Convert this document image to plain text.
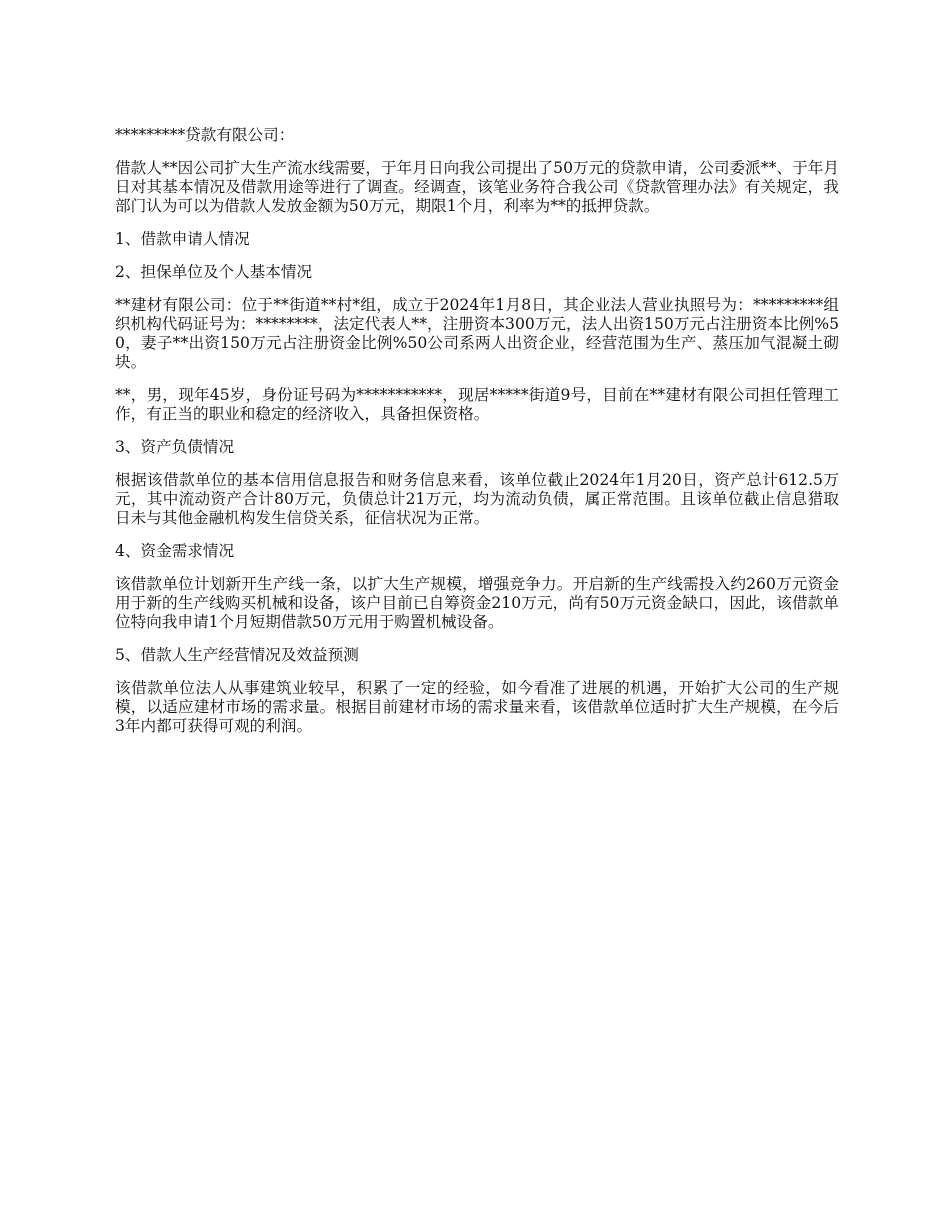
*********贷款有限公司：

借款人**因公司扩大生产流水线需要，于年月日向我公司提出了50万元的贷款申请，公司委派**、于年月日对其基本情况及借款用途等进行了调查。经调查，该笔业务符合我公司《贷款管理办法》有关规定，我部门认为可以为借款人发放金额为50万元，期限1个月，利率为**的抵押贷款。

1、借款申请人情况

2、担保单位及个人基本情况

**建材有限公司：位于**街道**村*组，成立于2024年1月8日，其企业法人营业执照号为：*********组织机构代码证号为：********，法定代表人**，注册资本300万元，法人出资150万元占注册资本比例%50，妻子**出资150万元占注册资金比例%50公司系两人出资企业，经营范围为生产、蒸压加气混凝土砌块。

**，男，现年45岁，身份证号码为***********，现居*****街道9号，目前在**建材有限公司担任管理工作，有正当的职业和稳定的经济收入，具备担保资格。

3、资产负债情况

根据该借款单位的基本信用信息报告和财务信息来看，该单位截止2024年1月20日，资产总计612.5万元，其中流动资产合计80万元，负债总计21万元，均为流动负债，属正常范围。且该单位截止信息猎取日未与其他金融机构发生信贷关系，征信状况为正常。

4、资金需求情况

该借款单位计划新开生产线一条，以扩大生产规模，增强竞争力。开启新的生产线需投入约260万元资金用于新的生产线购买机械和设备，该户目前已自筹资金210万元，尚有50万元资金缺口，因此，该借款单位特向我申请1个月短期借款50万元用于购置机械设备。

5、借款人生产经营情况及效益预测

该借款单位法人从事建筑业较早，积累了一定的经验，如今看准了进展的机遇，开始扩大公司的生产规模，以适应建材市场的需求量。根据目前建材市场的需求量来看，该借款单位适时扩大生产规模，在今后3年内都可获得可观的利润。
